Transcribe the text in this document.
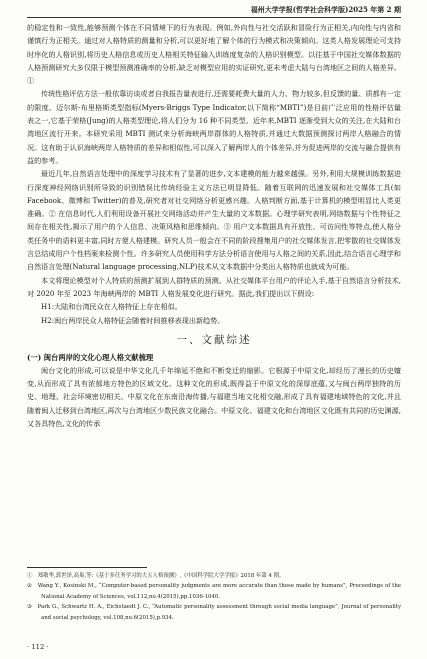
福州大学学报(哲学社会科学版)2025 年第 2 期

的稳定性和一致性,能够预测个体在不同情境下的行为表现。例如,外向性与社交活跃和冒险行为正相关,内向性与内省和谨慎行为正相关。通过对人格特质的测量和分析,可以更好地了解个体的行为模式和决策倾向。这类人格发展理论可支持时序化的人格识别,将历史人格信息或历史人格相关特征输入训练度复杂的人格识别模型。以往基于中国社交媒体数据的人格预测研究大多仅限于模型预测准确率的分析,缺乏对模型应用的实证研究,更未考虑大陆与台湾地区之间的人格差异。①

传统性格评估方法一般依靠访谈或者自我报告量表进行,还需要耗费大量的人力、物力较多,但反馈的量、质都有一定的限度。迈尔斯-布里格斯类型指标(Myers-Briggs Type Indicator,以下简称“MBTI”)是目前广泛应用的性格评估量表之一,它基于荣格(Jung)的人格类型理论,将人们分为 16 种不同类型。近年来,MBTI 逐渐受到大众的关注,在大陆和台湾地区流行开来。本研究采用 MBTI 测试来分析海峡两岸群体的人格特质,并通过大数据预测探讨两岸人格融合的情况。这有助于认识海峡两岸人格特质的差异和相似性,可以深入了解两岸人的个体差异,并为促进两岸的交流与融合提供有益的参考。

最近几年,自然语言处理中的深度学习技术有了显著的进步,文本建模的能力越来越强。另外,利用大规模训练数据进行深度神经网络识别所导致的识别错误比传统经验主义方法已明显降低。随着互联网的迅速发展和社交媒体工具(如 Facebook、微博和 Twitter)的普及,研究者对社交网络分析更感兴趣。人格判断方面,基于计算机的模型明显比人类更准确。② 在信息时代,人们利用设备开展社交网络活动并产生大量的文本数据。心理学研究表明,网络数据与个性特征之间存在相关性,揭示了用户的个人信息、决策风格和思维倾向。③ 用户文本数据具有开放性、可访问性等特点,使人格分类任务中的语料更丰富,同时方便人格建模。研究人员一般会在不同的阶段搜集用户的社交媒体发言,把零散的社交媒体发言总结成用户个性档案来检测个性。许多研究人员使用科学方法分析语言使用与人格之间的关系,因此,结合语言心理学和自然语言处理(Natural language processing,NLP)技术从文本数据中分类出人格特质也就成为可能。

本文将理论模型对个人特质的预测扩展到人群特质的预测。从社交媒体平台用户的评论入手,基于自然语言分析技术,对 2020 年至 2023 年海峡两岸的 MBTI 人格发展变化进行研究。据此,我们提出以下假设:

H1:大陆和台湾民众在人格特征上存在相似。

H2:闽台两岸民众人格特征会随着时间推移表现出新趋势。

一、文献综述

(一) 闽台两岸的文化心理人格文献梳理

闽台文化的形成,可以说是中华文化几千年绵延不绝和不断变迁的缩影。它根源于中原文化,却经历了漫长的历史嬗变,从而形成了具有浓郁地方特色的区域文化。这种文化的形成,既得益于中原文化的深厚底蕴,又与闽台两岸独特的历史、地理、社会环境密切相关。中原文化在东南沿海传播,与福建当地文化相交融,形成了具有福建地域特色的文化,并且随着闽人迁移到台湾地区,再次与台湾地区少数民族文化融合。中原文化、福建文化和台湾地区文化既有共同的历史渊源,又各具特色,文化的传承

①　郑敬华,郭世泽,高巢,等:《基于多任务学习的大五人格预测》,《中国科学院大学学报》2018 年第 4 期。

②　Wang Y., Kosinski M., “Computer-based personality judgments are more accurate than those made by humans”, Proceedings of the National Academy of Sciences, vol.112,no.4(2015),pp.1036-1040.

③　Park G., Schwartz H. A., Eichstaedt J. C., “Automatic personality assessment through social media language”, Journal of personality and social psychology, vol.108,no.6(2015),p.934.

· 112 ·
